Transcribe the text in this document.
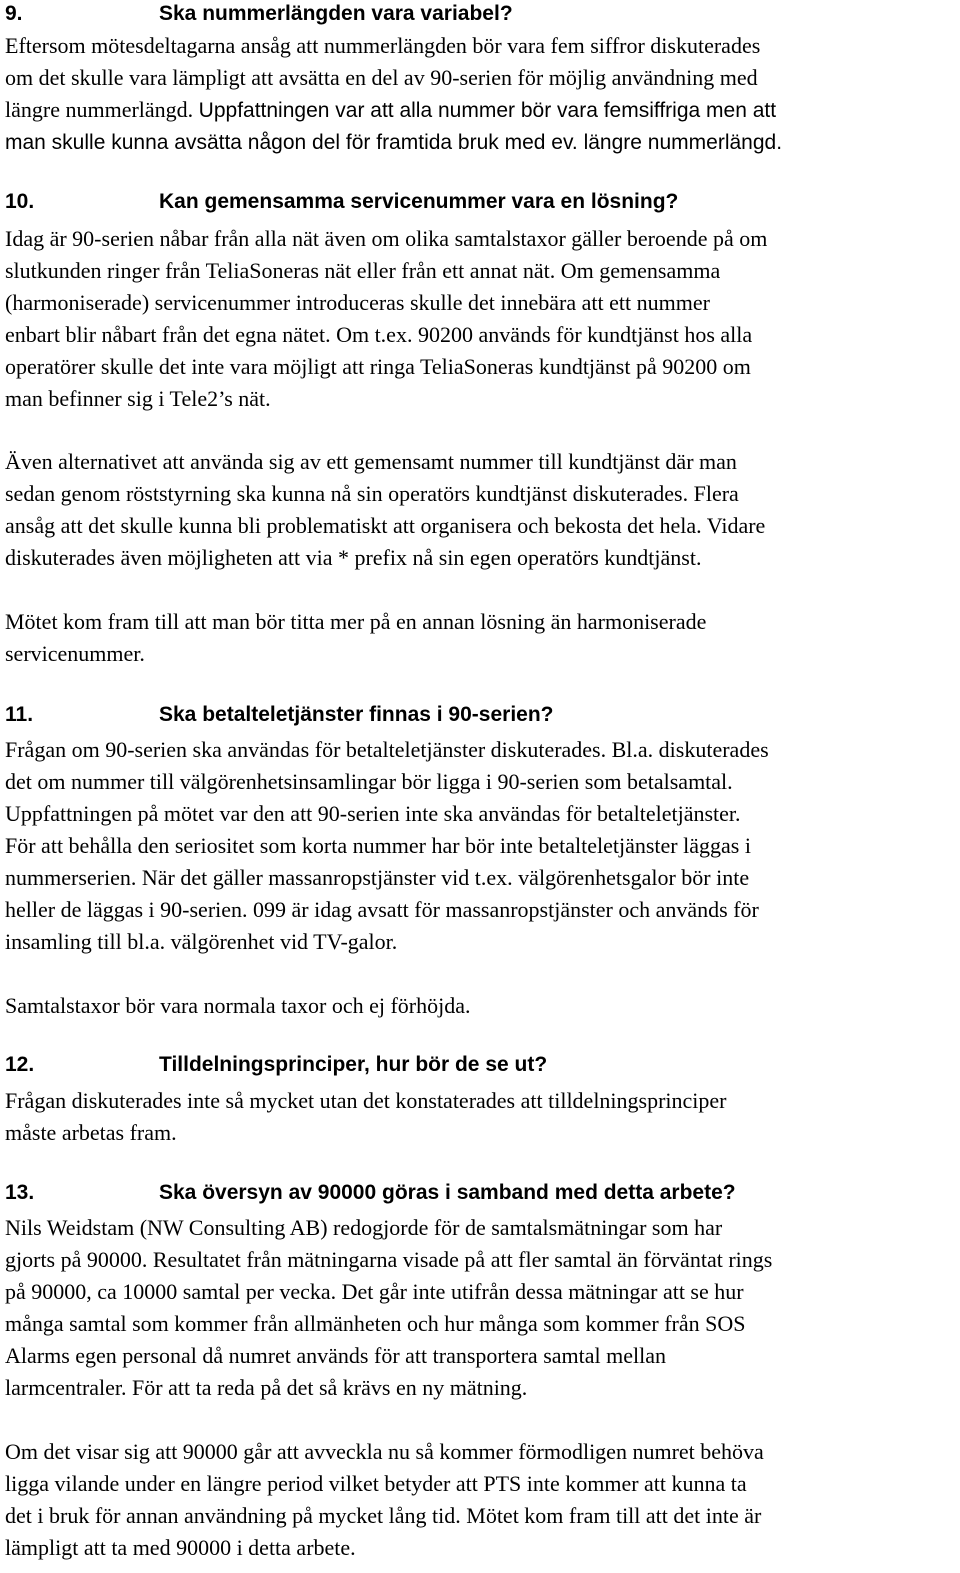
9.	Ska nummerlängden vara variabel?
Eftersom mötesdeltagarna ansåg att nummerlängden bör vara fem siffror diskuterades
om det skulle vara lämpligt att avsätta en del av 90-serien för möjlig användning med
längre nummerlängd. Uppfattningen var att alla nummer bör vara femsiffriga men att
man skulle kunna avsätta någon del för framtida bruk med ev. längre nummerlängd.
10.	Kan gemensamma servicenummer vara en lösning?
Idag är 90-serien nåbar från alla nät även om olika samtalstaxor gäller beroende på om
slutkunden ringer från TeliaSoneras nät eller från ett annat nät. Om gemensamma
(harmoniserade) servicenummer introduceras skulle det innebära att ett nummer
enbart blir nåbart från det egna nätet. Om t.ex. 90200 används för kundtjänst hos alla
operatörer skulle det inte vara möjligt att ringa TeliaSoneras kundtjänst på 90200 om
man befinner sig i Tele2’s nät.
Även alternativet att använda sig av ett gemensamt nummer till kundtjänst där man
sedan genom röststyrning ska kunna nå sin operatörs kundtjänst diskuterades. Flera
ansåg att det skulle kunna bli problematiskt att organisera och bekosta det hela. Vidare
diskuterades även möjligheten att via * prefix nå sin egen operatörs kundtjänst.
Mötet kom fram till att man bör titta mer på en annan lösning än harmoniserade
servicenummer.
11.	Ska betalteletjänster finnas i 90-serien?
Frågan om 90-serien ska användas för betalteletjänster diskuterades. Bl.a. diskuterades
det om nummer till välgörenhetsinsamlingar bör ligga i 90-serien som betalsamtal.
Uppfattningen på mötet var den att 90-serien inte ska användas för betalteletjänster.
För att behålla den seriositet som korta nummer har bör inte betalteletjänster läggas i
nummerserien. När det gäller massanropstjänster vid t.ex. välgörenhetsgalor bör inte
heller de läggas i 90-serien. 099 är idag avsatt för massanropstjänster och används för
insamling till bl.a. välgörenhet vid TV-galor.
Samtalstaxor bör vara normala taxor och ej förhöjda.
12.	Tilldelningsprinciper, hur bör de se ut?
Frågan diskuterades inte så mycket utan det konstaterades att tilldelningsprinciper
måste arbetas fram.
13.	Ska översyn av 90000 göras i samband med detta arbete?
Nils Weidstam (NW Consulting AB) redogjorde för de samtalsmätningar som har
gjorts på 90000. Resultatet från mätningarna visade på att fler samtal än förväntat rings
på 90000, ca 10000 samtal per vecka. Det går inte utifrån dessa mätningar att se hur
många samtal som kommer från allmänheten och hur många som kommer från SOS
Alarms egen personal då numret används för att transportera samtal mellan
larmcentraler. För att ta reda på det så krävs en ny mätning.
Om det visar sig att 90000 går att avveckla nu så kommer förmodligen numret behöva
ligga vilande under en längre period vilket betyder att PTS inte kommer att kunna ta
det i bruk för annan användning på mycket lång tid. Mötet kom fram till att det inte är
lämpligt att ta med 90000 i detta arbete.
